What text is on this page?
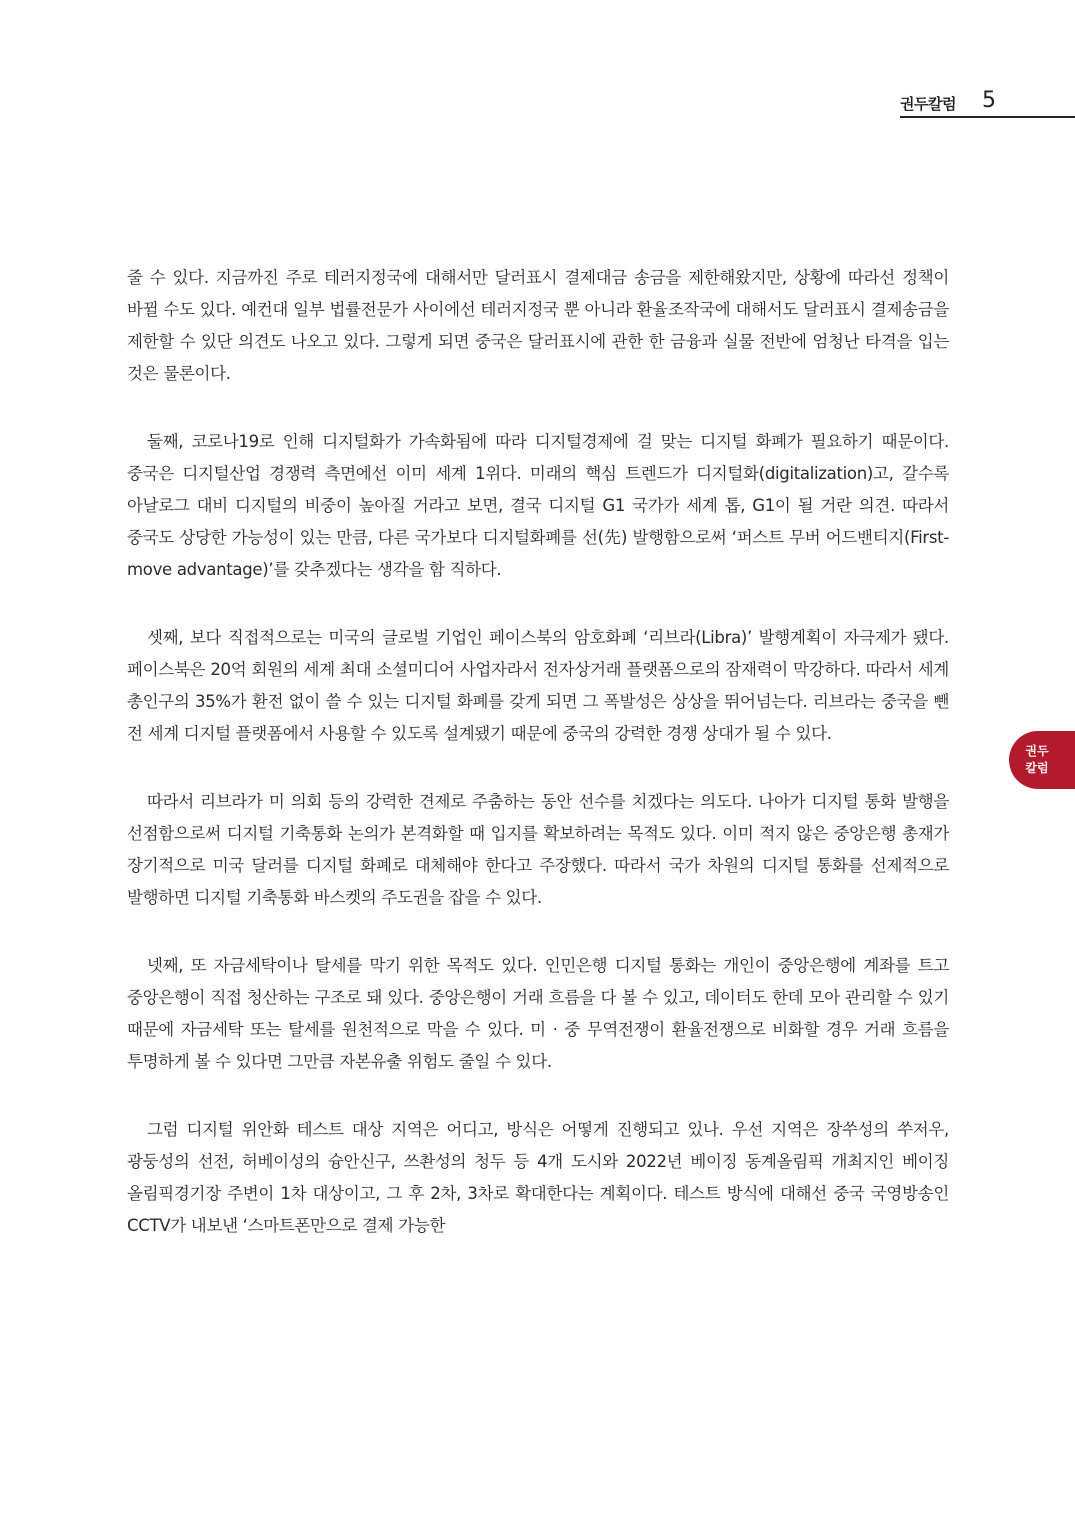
권두칼럼 5
권두
칼럼

줄 수 있다. 지금까진 주로 테러지정국에 대해서만 달러표시 결제대금 송금을 제한해왔지만, 상황에 따라선 정책이 바뀔 수도 있다. 예컨대 일부 법률전문가 사이에선 테러지정국 뿐 아니라 환율조작국에 대해서도 달러표시 결제송금을 제한할 수 있단 의견도 나오고 있다. 그렇게 되면 중국은 달러표시에 관한 한 금융과 실물 전반에 엄청난 타격을 입는 것은 물론이다.

둘째, 코로나19로 인해 디지털화가 가속화됨에 따라 디지털경제에 걸 맞는 디지털 화폐가 필요하기 때문이다. 중국은 디지털산업 경쟁력 측면에선 이미 세계 1위다. 미래의 핵심 트렌드가 디지털화(digitalization)고, 갈수록 아날로그 대비 디지털의 비중이 높아질 거라고 보면, 결국 디지털 G1 국가가 세계 톱, G1이 될 거란 의견. 따라서 중국도 상당한 가능성이 있는 만큼, 다른 국가보다 디지털화폐를 선(先) 발행함으로써 ‘퍼스트 무버 어드밴티지(First-move advantage)’를 갖추겠다는 생각을 함 직하다.

셋째, 보다 직접적으로는 미국의 글로벌 기업인 페이스북의 암호화폐 ‘리브라(Libra)’ 발행계획이 자극제가 됐다. 페이스북은 20억 회원의 세계 최대 소셜미디어 사업자라서 전자상거래 플랫폼으로의 잠재력이 막강하다. 따라서 세계 총인구의 35%가 환전 없이 쓸 수 있는 디지털 화폐를 갖게 되면 그 폭발성은 상상을 뛰어넘는다. 리브라는 중국을 뺀 전 세계 디지털 플랫폼에서 사용할 수 있도록 설계됐기 때문에 중국의 강력한 경쟁 상대가 될 수 있다.

따라서 리브라가 미 의회 등의 강력한 견제로 주춤하는 동안 선수를 치겠다는 의도다. 나아가 디지털 통화 발행을 선점함으로써 디지털 기축통화 논의가 본격화할 때 입지를 확보하려는 목적도 있다. 이미 적지 않은 중앙은행 총재가 장기적으로 미국 달러를 디지털 화폐로 대체해야 한다고 주장했다. 따라서 국가 차원의 디지털 통화를 선제적으로 발행하면 디지털 기축통화 바스켓의 주도권을 잡을 수 있다.

넷째, 또 자금세탁이나 탈세를 막기 위한 목적도 있다. 인민은행 디지털 통화는 개인이 중앙은행에 계좌를 트고 중앙은행이 직접 청산하는 구조로 돼 있다. 중앙은행이 거래 흐름을 다 볼 수 있고, 데이터도 한데 모아 관리할 수 있기 때문에 자금세탁 또는 탈세를 원천적으로 막을 수 있다. 미 · 중 무역전쟁이 환율전쟁으로 비화할 경우 거래 흐름을 투명하게 볼 수 있다면 그만큼 자본유출 위험도 줄일 수 있다.

그럼 디지털 위안화 테스트 대상 지역은 어디고, 방식은 어떻게 진행되고 있나. 우선 지역은 장쑤성의 쑤저우, 광둥성의 선전, 허베이성의 슝안신구, 쓰촨성의 청두 등 4개 도시와 2022년 베이징 동계올림픽 개최지인 베이징 올림픽경기장 주변이 1차 대상이고, 그 후 2차, 3차로 확대한다는 계획이다. 테스트 방식에 대해선 중국 국영방송인 CCTV가 내보낸 ‘스마트폰만으로 결제 가능한
